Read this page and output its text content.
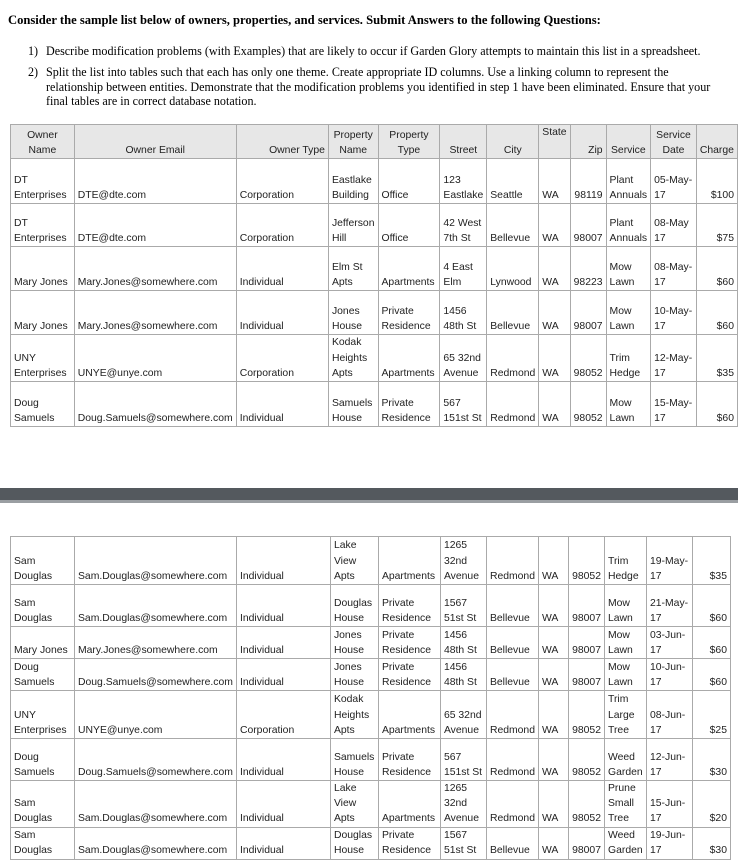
Consider the sample list below of owners, properties, and services. Submit Answers to the following Questions:
1) Describe modification problems (with Examples) that are likely to occur if Garden Glory attempts to maintain this list in a spreadsheet.
2) Split the list into tables such that each has only one theme. Create appropriate ID columns. Use a linking column to represent the relationship between entities. Demonstrate that the modification problems you identified in step 1 have been eliminated. Ensure that your final tables are in correct database notation.
Owner Name	Owner Email	Owner Type	Property Name	Property Type	Street	City	State	Zip	Service	Service Date	Charge
DT Enterprises	DTE@dte.com	Corporation	Eastlake Building	Office	123 Eastlake	Seattle	WA	98119	Plant Annuals	05-May-17	$100
DT Enterprises	DTE@dte.com	Corporation	Jefferson Hill	Office	42 West 7th St	Bellevue	WA	98007	Plant Annuals	08-May 17	$75
Mary Jones	Mary.Jones@somewhere.com	Individual	Elm St Apts	Apartments	4 East Elm	Lynwood	WA	98223	Mow Lawn	08-May-17	$60
Mary Jones	Mary.Jones@somewhere.com	Individual	Jones House	Private Residence	1456 48th St	Bellevue	WA	98007	Mow Lawn	10-May-17	$60
UNY Enterprises	UNYE@unye.com	Corporation	Kodak Heights Apts	Apartments	65 32nd Avenue	Redmond	WA	98052	Trim Hedge	12-May-17	$35
Doug Samuels	Doug.Samuels@somewhere.com	Individual	Samuels House	Private Residence	567 151st St	Redmond	WA	98052	Mow Lawn	15-May-17	$60
Sam Douglas	Sam.Douglas@somewhere.com	Individual	Lake View Apts	Apartments	1265 32nd Avenue	Redmond	WA	98052	Trim Hedge	19-May-17	$35
Sam Douglas	Sam.Douglas@somewhere.com	Individual	Douglas House	Private Residence	1567 51st St	Bellevue	WA	98007	Mow Lawn	21-May-17	$60
Mary Jones	Mary.Jones@somewhere.com	Individual	Jones House	Private Residence	1456 48th St	Bellevue	WA	98007	Mow Lawn	03-Jun-17	$60
Doug Samuels	Doug.Samuels@somewhere.com	Individual	Jones House	Private Residence	1456 48th St	Bellevue	WA	98007	Mow Lawn	10-Jun-17	$60
UNY Enterprises	UNYE@unye.com	Corporation	Kodak Heights Apts	Apartments	65 32nd Avenue	Redmond	WA	98052	Trim Large Tree	08-Jun-17	$25
Doug Samuels	Doug.Samuels@somewhere.com	Individual	Samuels House	Private Residence	567 151st St	Redmond	WA	98052	Weed Garden	12-Jun-17	$30
Sam Douglas	Sam.Douglas@somewhere.com	Individual	Lake View Apts	Apartments	1265 32nd Avenue	Redmond	WA	98052	Prune Small Tree	15-Jun-17	$20
Sam Douglas	Sam.Douglas@somewhere.com	Individual	Douglas House	Private Residence	1567 51st St	Bellevue	WA	98007	Weed Garden	19-Jun-17	$30
